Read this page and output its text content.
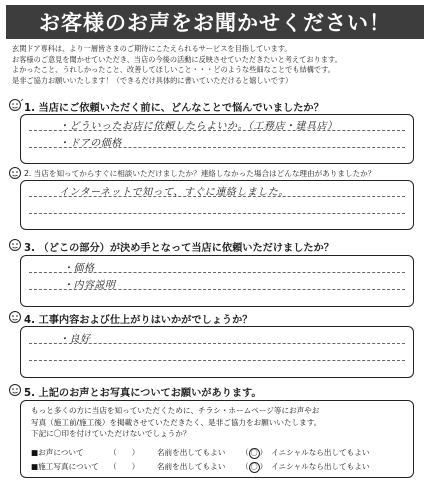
お客様のお声をお聞かせください！
玄関ドア専科は、より一層皆さまのご期待にこたえられるサービスを目指しています。
お客様のご意見を聞かせていただき、当店の今後の活動に反映させていただきたいと考えております。
よかったこと、うれしかったこと、改善してほしいこと・・・どのような些細なことでも結構です。
是非ご協力お願いいたします！（できるだけ具体的に書いていただけると嬉しいです）
1. 当店にご依頼いただく前に、どんなことで悩んでいましたか？
・どういったお店に依頼したらよいか。（工務店・建具店）
・ドアの価格
2. 当店を知ってからすぐに相談いただけましたか？連絡しなかった場合はどんな理由がありましたか？
インターネットで知って、すぐに連絡しました。
3. （どこの部分）が決め手となって当店に依頼いただけましたか？
・価格
・内容説明
4. 工事内容および仕上がりはいかがでしょうか？
・良好
5. 上記のお声とお写真についてお願いがあります。
もっと多くの方に当店を知っていただくために、チラシ・ホームページ等にお声やお
写真（施工前/施工後）を掲載させていただきたく、是非ご協力をお願いいたします。
下記に〇印を付けていただけないでしょうか？
■お声について	（　　）	名前を出してもよい	（ 〇 ） イニシャルなら出してもよい
■施工写真について	（　　）	名前を出してもよい	（ 〇 ） イニシャルなら出してもよい
